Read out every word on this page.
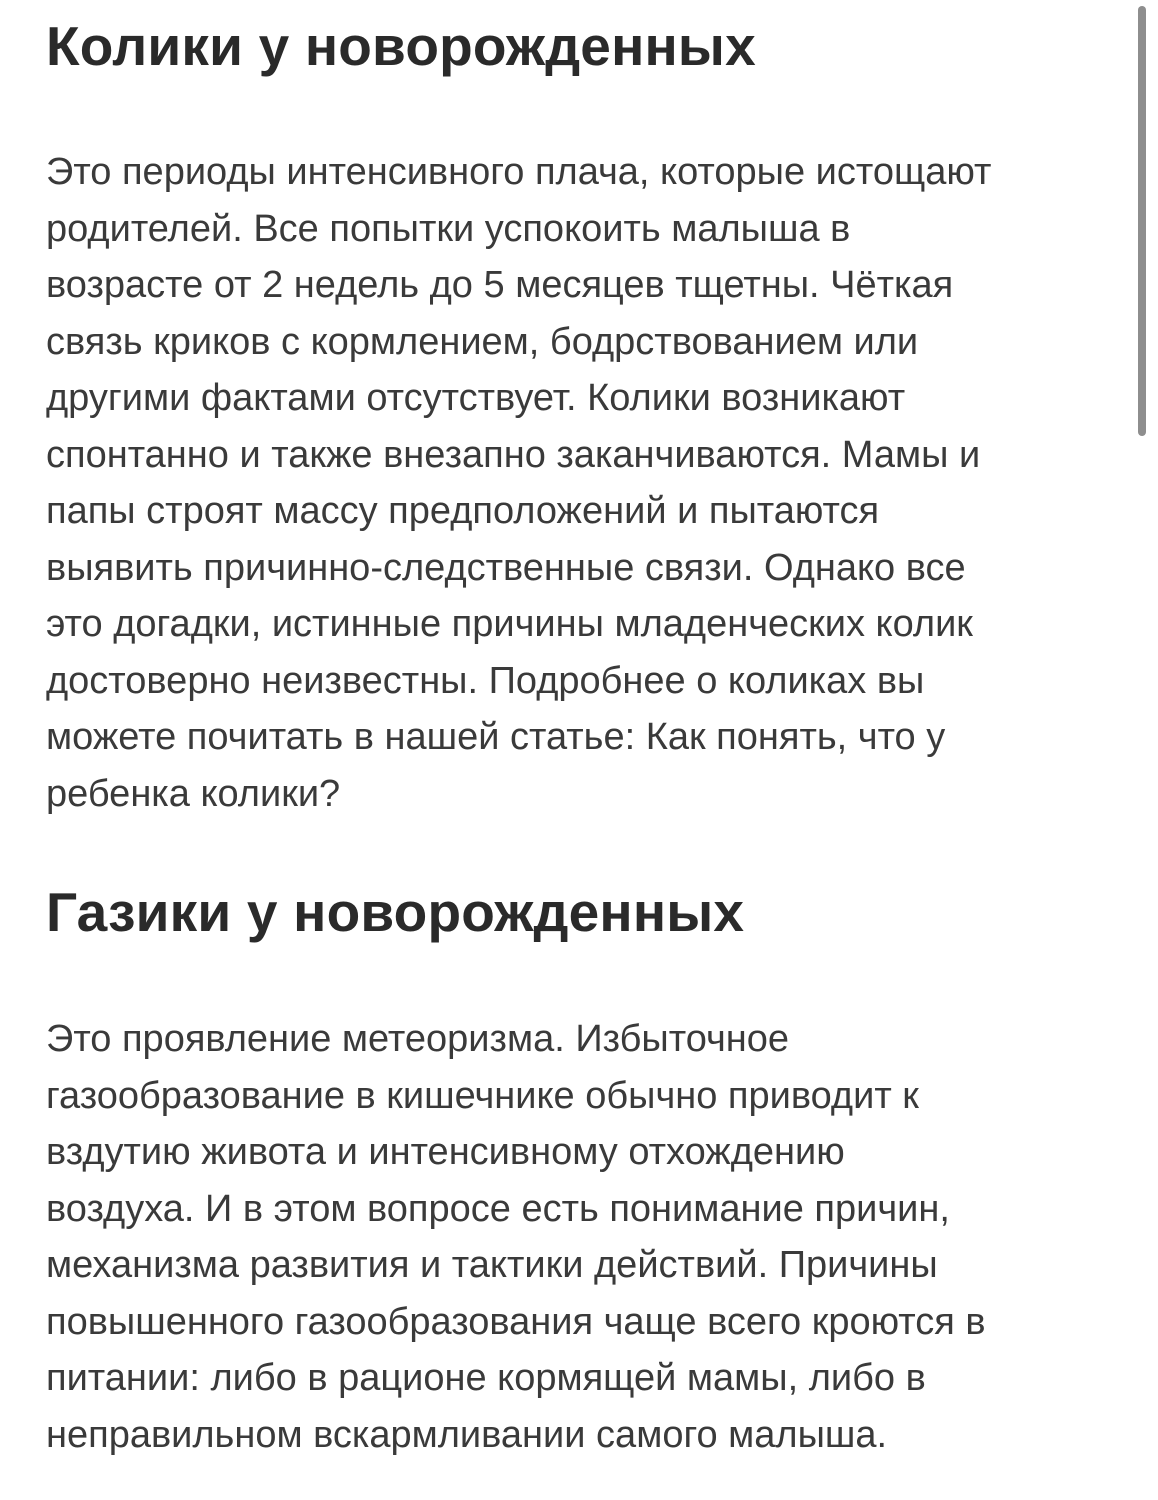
Колики у новорожденных
Это периоды интенсивного плача, которые истощают
родителей. Все попытки успокоить малыша в
возрасте от 2 недель до 5 месяцев тщетны. Чёткая
связь криков с кормлением, бодрствованием или
другими фактами отсутствует. Колики возникают
спонтанно и также внезапно заканчиваются. Мамы и
папы строят массу предположений и пытаются
выявить причинно-следственные связи. Однако все
это догадки, истинные причины младенческих колик
достоверно неизвестны. Подробнее о коликах вы
можете почитать в нашей статье: Как понять, что у
ребенка колики?
Газики у новорожденных
Это проявление метеоризма. Избыточное
газообразование в кишечнике обычно приводит к
вздутию живота и интенсивному отхождению
воздуха. И в этом вопросе есть понимание причин,
механизма развития и тактики действий. Причины
повышенного газообразования чаще всего кроются в
питании: либо в рационе кормящей мамы, либо в
неправильном вскармливании самого малыша.
